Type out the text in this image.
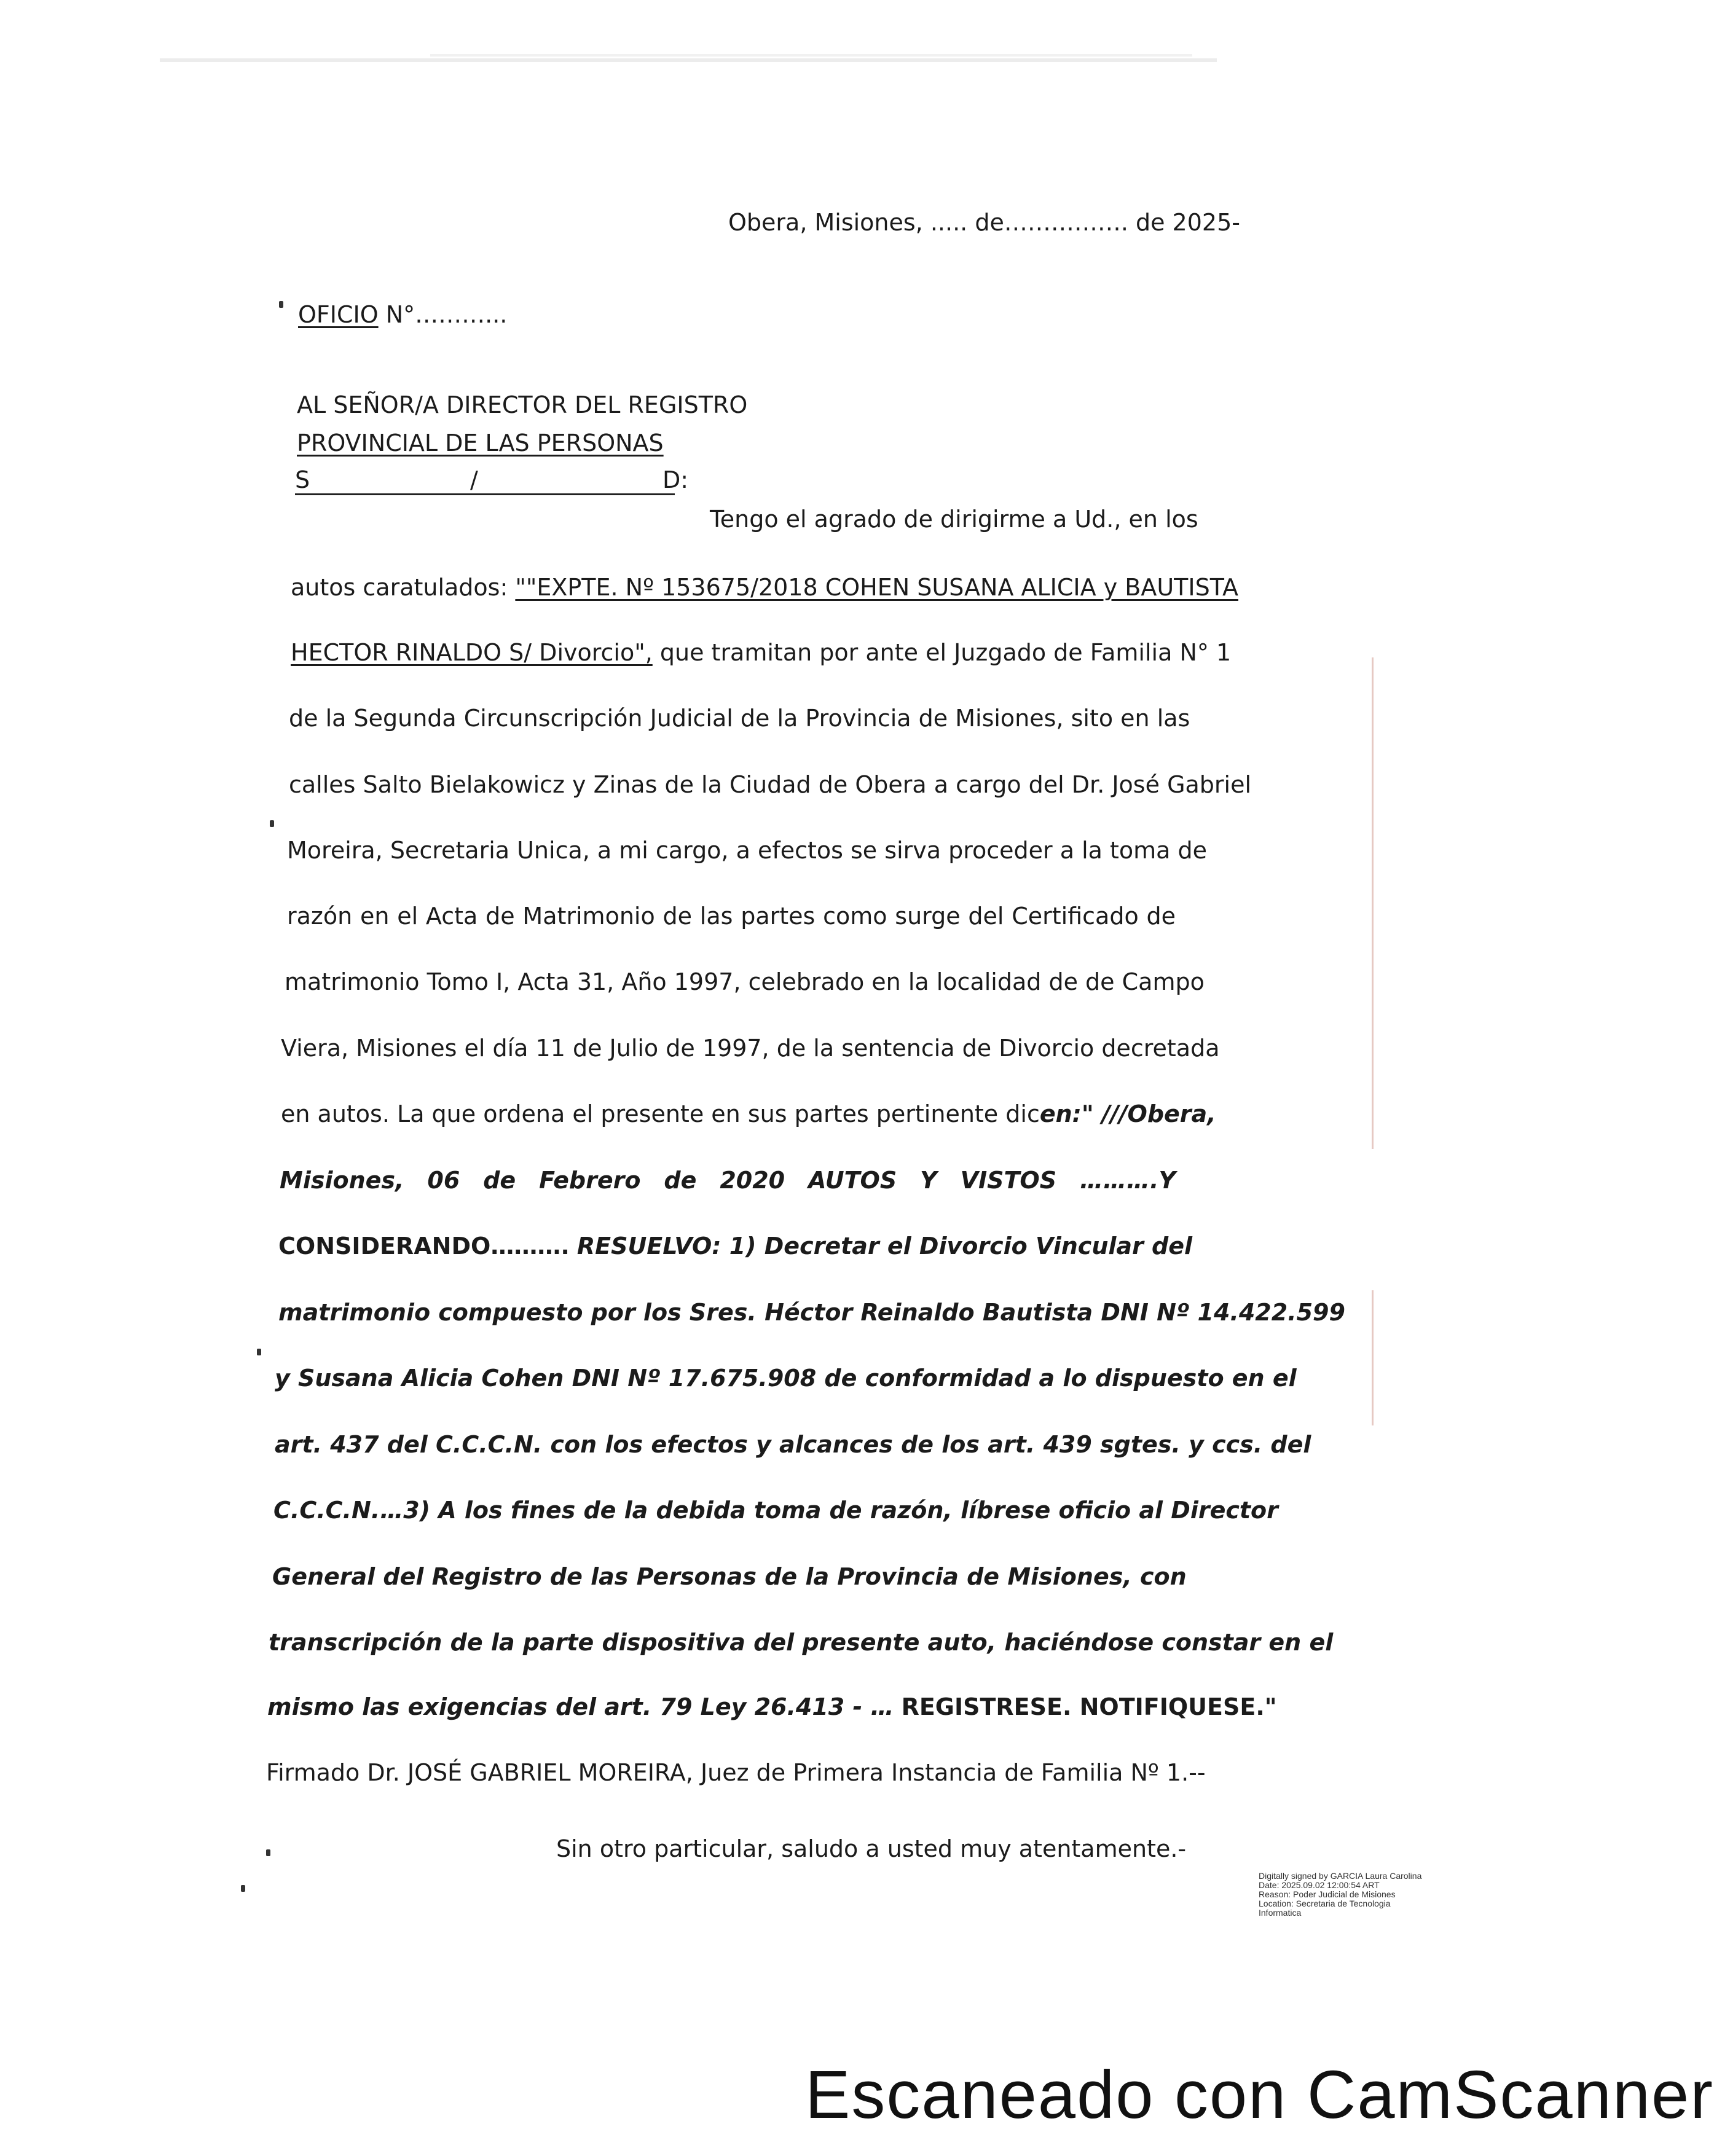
Obera, Misiones, ..... de……………. de 2025-
OFICIO N°………...
AL SEÑOR/A DIRECTOR DEL REGISTRO
PROVINCIAL DE LAS PERSONAS
S	/	D:
Tengo el agrado de dirigirme a Ud., en los
autos caratulados: ""EXPTE. Nº 153675/2018 COHEN SUSANA ALICIA y BAUTISTA
HECTOR RINALDO S/ Divorcio", que tramitan por ante el Juzgado de Familia N° 1
de la Segunda Circunscripción Judicial de la Provincia de Misiones, sito en las
calles Salto Bielakowicz y Zinas de la Ciudad de Obera a cargo del Dr. José Gabriel
Moreira, Secretaria Unica, a mi cargo, a efectos se sirva proceder a la toma de
razón en el Acta de Matrimonio de las partes como surge del Certificado de
matrimonio Tomo I, Acta 31, Año 1997, celebrado en la localidad de de Campo
Viera, Misiones el día 11 de Julio de 1997, de la sentencia de Divorcio decretada
en autos. La que ordena el presente en sus partes pertinente dicen:" ///Obera,
Misiones, 06 de Febrero de 2020 AUTOS Y VISTOS ……….Y
CONSIDERANDO………. RESUELVO: 1) Decretar el Divorcio Vincular del
matrimonio compuesto por los Sres. Héctor Reinaldo Bautista DNI Nº 14.422.599
y Susana Alicia Cohen DNI Nº 17.675.908 de conformidad a lo dispuesto en el
art. 437 del C.C.C.N. con los efectos y alcances de los art. 439 sgtes. y ccs. del
C.C.C.N.…3) A los fines de la debida toma de razón, líbrese oficio al Director
General del Registro de las Personas de la Provincia de Misiones, con
transcripción de la parte dispositiva del presente auto, haciéndose constar en el
mismo las exigencias del art. 79 Ley 26.413 - … REGISTRESE. NOTIFIQUESE."
Firmado Dr. JOSÉ GABRIEL MOREIRA, Juez de Primera Instancia de Familia Nº 1.--
Sin otro particular, saludo a usted muy atentamente.-
Digitally signed by GARCIA Laura Carolina
Date: 2025.09.02 12:00:54 ART
Reason: Poder Judicial de Misiones
Location: Secretaria de Tecnologia
Informatica
Escaneado con CamScanner
